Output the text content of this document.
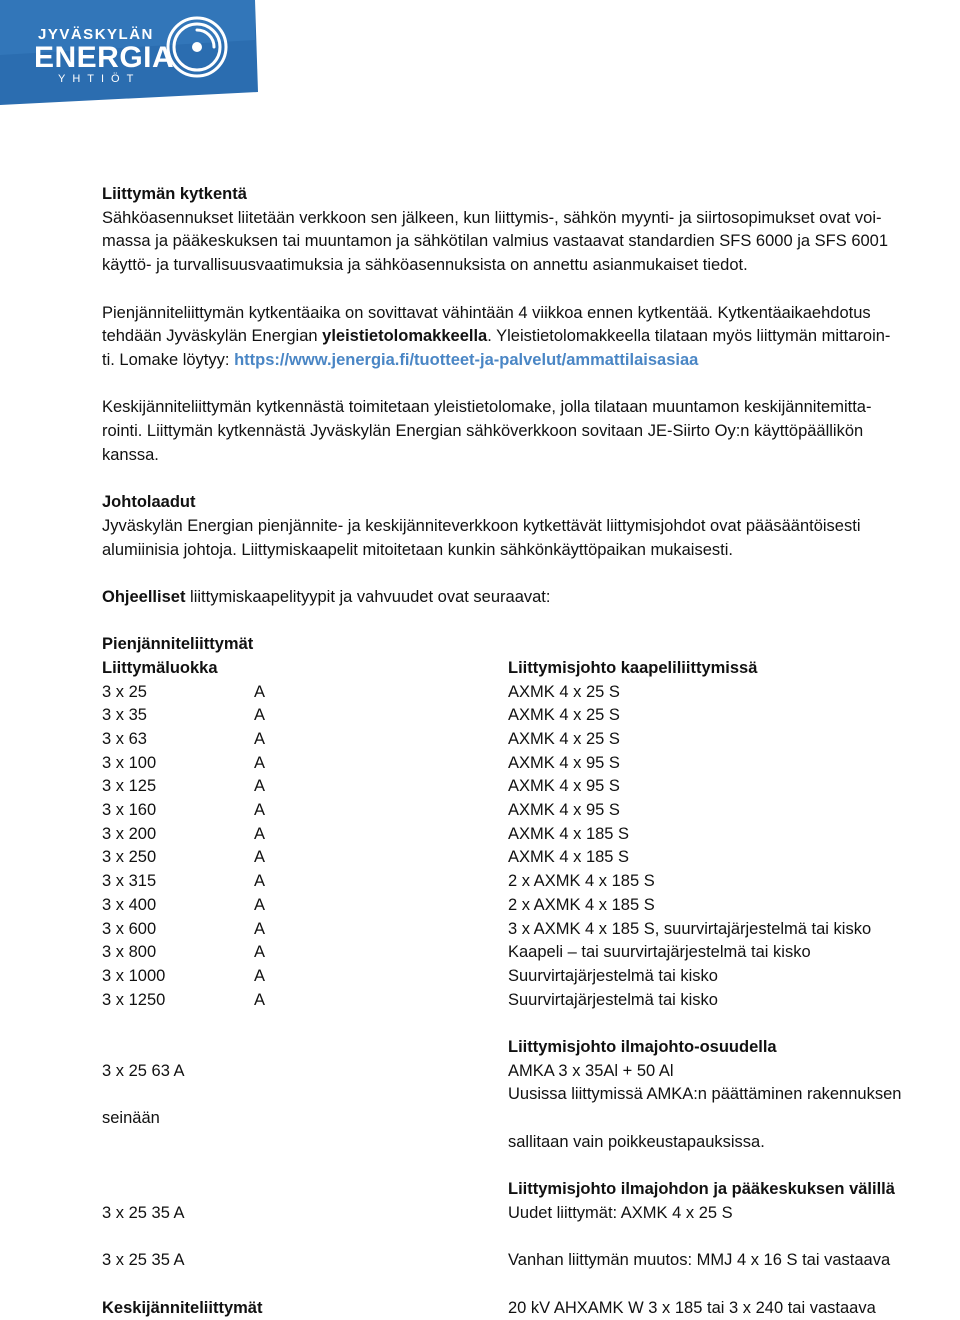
JYVÄSKYLÄN
ENERGIA
YHTIÖT

Liittymän kytkentä

Sähköasennukset liitetään verkkoon sen jälkeen, kun liittymis-, sähkön myynti- ja siirtosopimukset ovat voi-

massa ja pääkeskuksen tai muuntamon ja sähkötilan valmius vastaavat standardien SFS 6000 ja SFS 6001

käyttö- ja turvallisuusvaatimuksia ja sähköasennuksista on annettu asianmukaiset tiedot.

Pienjänniteliittymän kytkentäaika on sovittavat vähintään 4 viikkoa ennen kytkentää. Kytkentäaikaehdotus

tehdään Jyväskylän Energian yleistietolomakkeella. Yleistietolomakkeella tilataan myös liittymän mittaroin-

ti. Lomake löytyy: https://www.jenergia.fi/tuotteet-ja-palvelut/ammattilaisasiaa

Keskijänniteliittymän kytkennästä toimitetaan yleistietolomake, jolla tilataan muuntamon keskijännitemitta-

rointi. Liittymän kytkennästä Jyväskylän Energian sähköverkkoon sovitaan JE-Siirto Oy:n käyttöpäällikön

kanssa.

Johtolaadut

Jyväskylän Energian pienjännite- ja keskijänniteverkkoon kytkettävät liittymisjohdot ovat pääsääntöisesti

alumiinisia johtoja. Liittymiskaapelit mitoitetaan kunkin sähkönkäyttöpaikan mukaisesti.

Ohjeelliset liittymiskaapelityypit ja vahvuudet ovat seuraavat:

Pienjänniteliittymät

Liittymäluokka	Liittymisjohto kaapeliliittymissä
3 x 25	A	AXMK 4 x 25 S
3 x 35	A	AXMK 4 x 25 S
3 x 63	A	AXMK 4 x 25 S
3 x 100	A	AXMK 4 x 95 S
3 x 125	A	AXMK 4 x 95 S
3 x 160	A	AXMK 4 x 95 S
3 x 200	A	AXMK 4 x 185 S
3 x 250	A	AXMK 4 x 185 S
3 x 315	A	2 x AXMK 4 x 185 S
3 x 400	A	2 x AXMK 4 x 185 S
3 x 600	A	3 x AXMK 4 x 185 S, suurvirtajärjestelmä tai kisko
3 x 800	A	Kaapeli – tai suurvirtajärjestelmä tai kisko
3 x 1000	A	Suurvirtajärjestelmä tai kisko
3 x 1250	A	Suurvirtajärjestelmä tai kisko
Liittymisjohto ilmajohto-osuudella
3 x 25 63 A	AMKA 3 x 35Al + 50 Al
Uusissa liittymissä AMKA:n päättäminen rakennuksen
seinään
sallitaan vain poikkeustapauksissa.
Liittymisjohto ilmajohdon ja pääkeskuksen välillä
3 x 25 35 A	Uudet liittymät: AXMK 4 x 25 S
3 x 25 35 A	Vanhan liittymän muutos: MMJ 4 x 16 S tai vastaava
Keskijänniteliittymät	20 kV AHXAMK W 3 x 185 tai 3 x 240 tai vastaava
